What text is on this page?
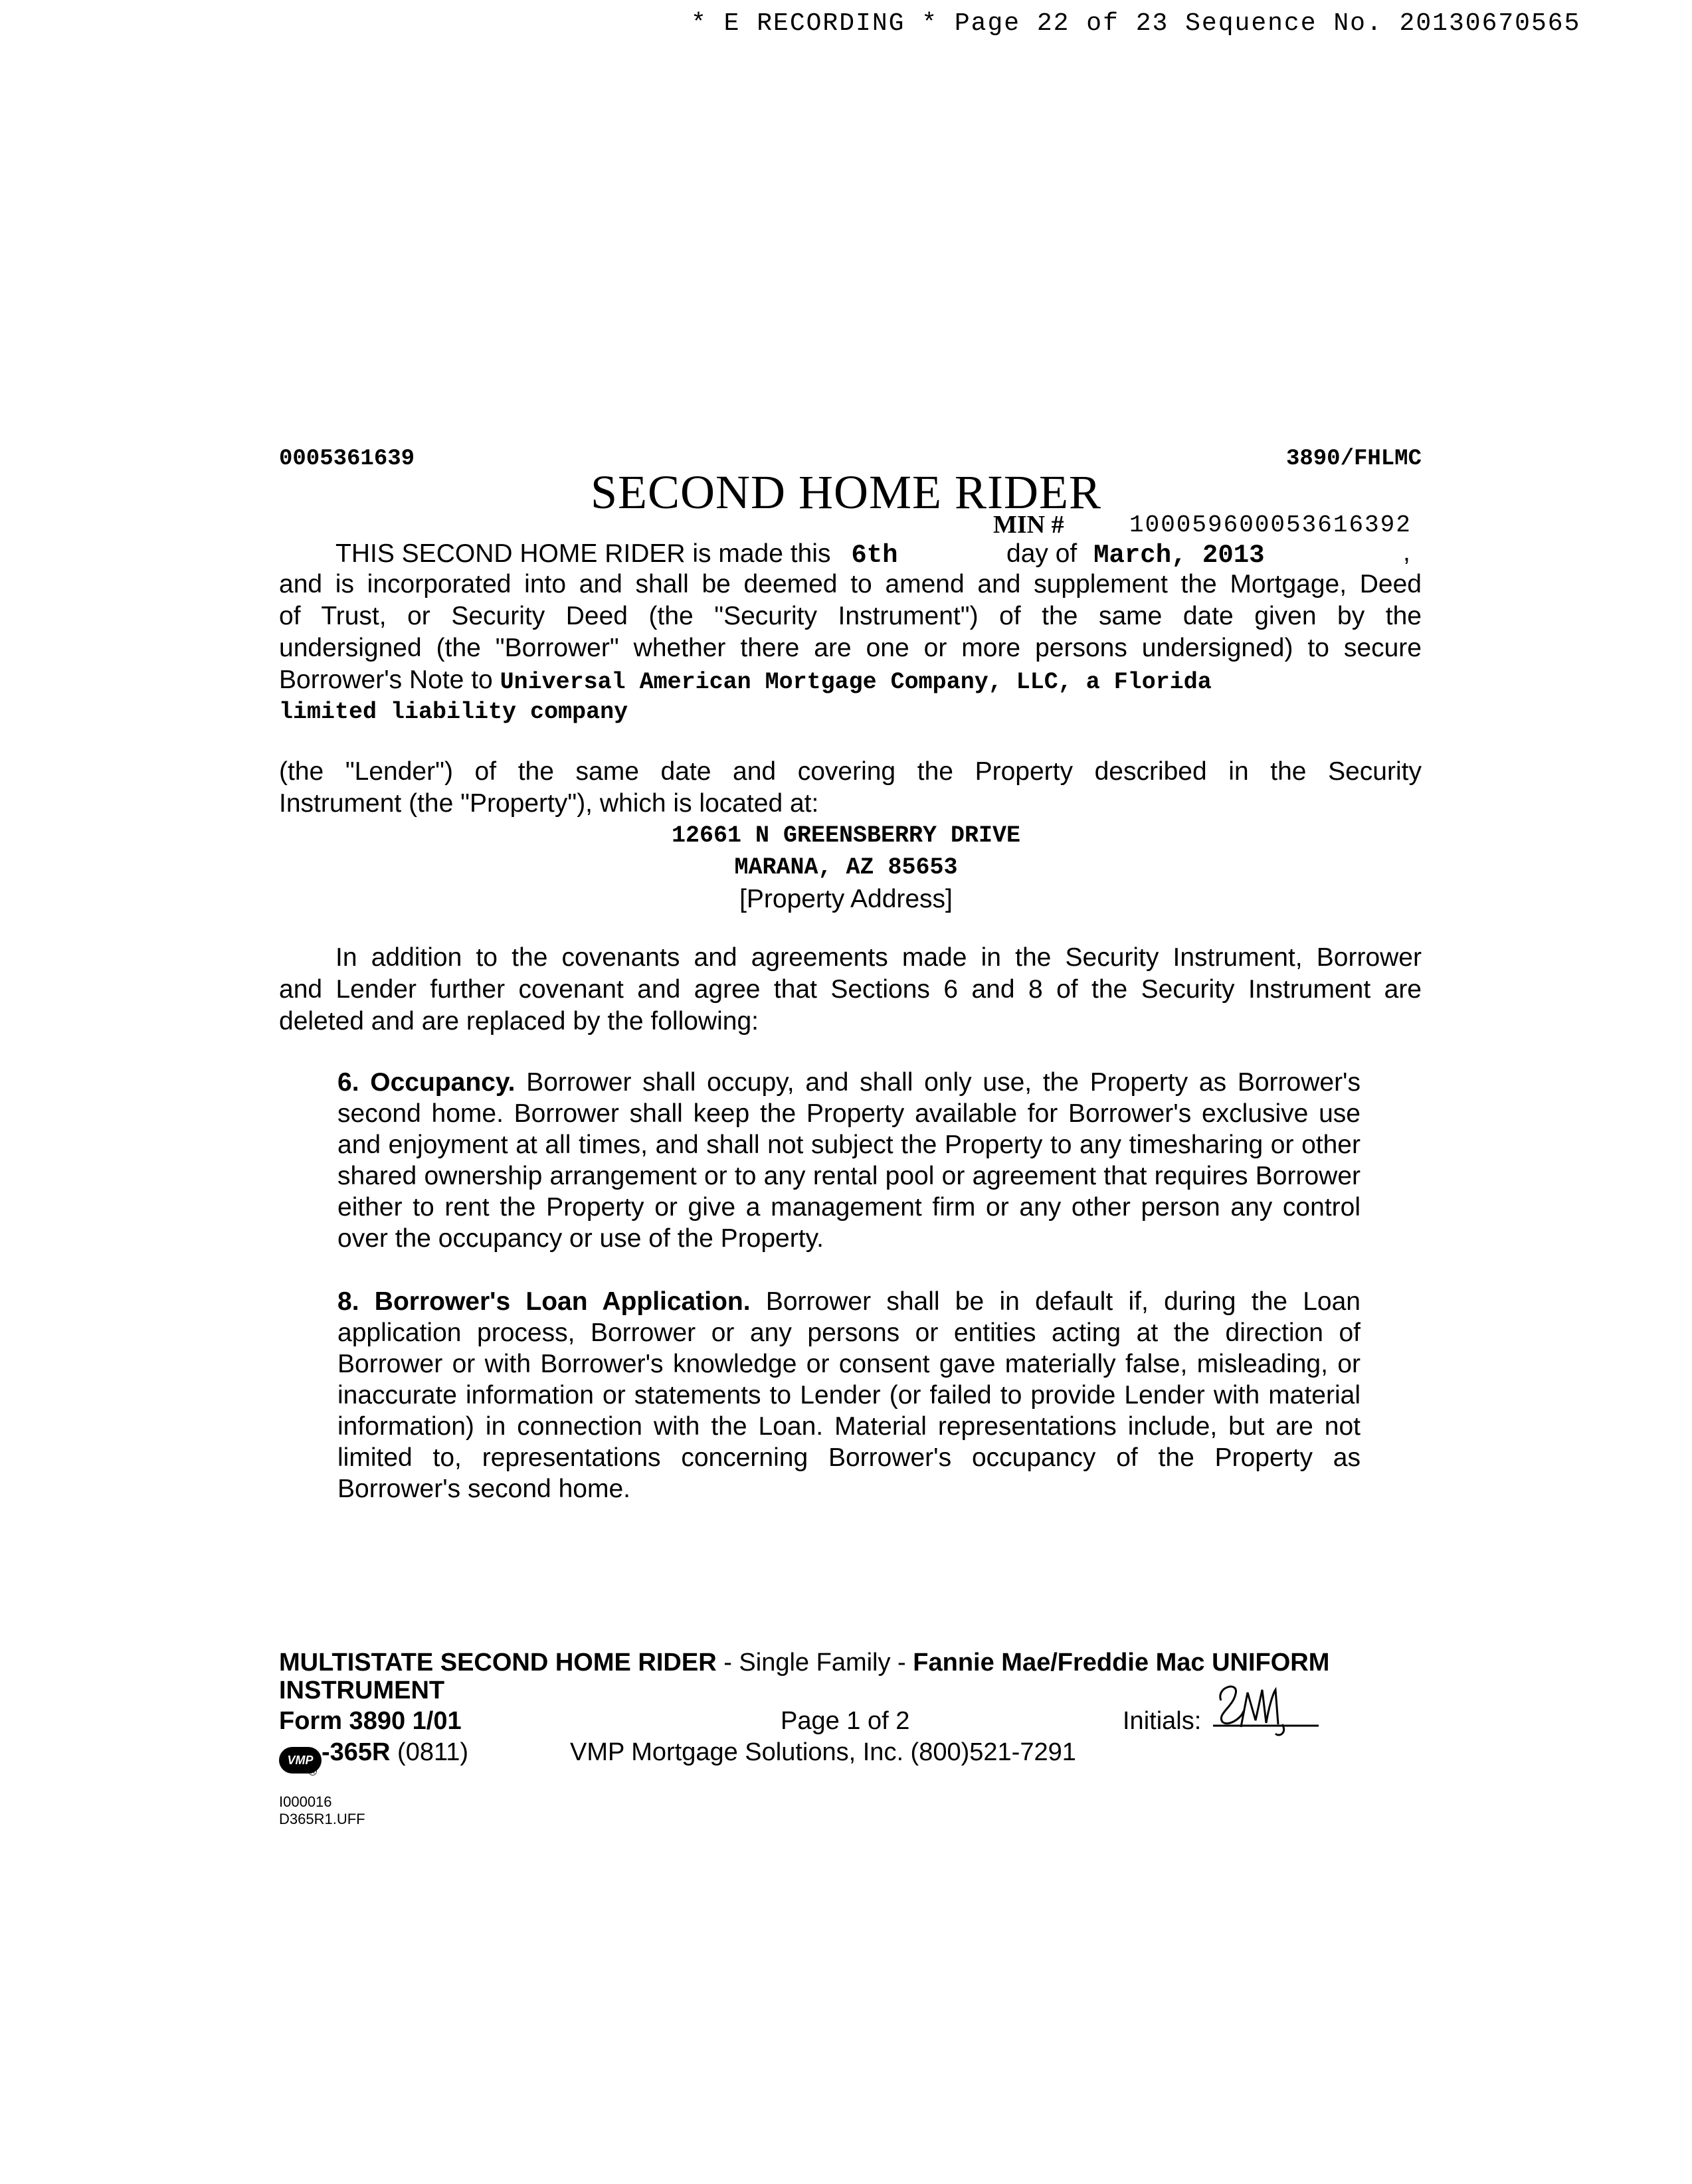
* E RECORDING * Page 22 of 23 Sequence No. 20130670565
0005361639	3890/FHLMC
SECOND HOME RIDER
MIN #	100059600053616392
THIS SECOND HOME RIDER is made this 6th	day of March, 2013	,
and is incorporated into and shall be deemed to amend and supplement the Mortgage, Deed
of Trust, or Security Deed (the "Security Instrument") of the same date given by the
undersigned (the "Borrower" whether there are one or more persons undersigned) to secure
Borrower's Note to Universal American Mortgage Company, LLC, a Florida
limited liability company
(the "Lender") of the same date and covering the Property described in the Security
Instrument (the "Property"), which is located at:
12661 N GREENSBERRY DRIVE
MARANA, AZ 85653
[Property Address]
In addition to the covenants and agreements made in the Security Instrument, Borrower
and Lender further covenant and agree that Sections 6 and 8 of the Security Instrument are
deleted and are replaced by the following:
6. Occupancy. Borrower shall occupy, and shall only use, the Property as Borrower's second home. Borrower shall keep the Property available for Borrower's exclusive use and enjoyment at all times, and shall not subject the Property to any timesharing or other shared ownership arrangement or to any rental pool or agreement that requires Borrower either to rent the Property or give a management firm or any other person any control over the occupancy or use of the Property.
8. Borrower's Loan Application. Borrower shall be in default if, during the Loan application process, Borrower or any persons or entities acting at the direction of Borrower or with Borrower's knowledge or consent gave materially false, misleading, or inaccurate information or statements to Lender (or failed to provide Lender with material information) in connection with the Loan. Material representations include, but are not limited to, representations concerning Borrower's occupancy of the Property as Borrower's second home.
MULTISTATE SECOND HOME RIDER - Single Family - Fannie Mae/Freddie Mac UNIFORM INSTRUMENT
Form 3890 1/01	Page 1 of 2	Initials:
VMP -365R (0811)
®
VMP Mortgage Solutions, Inc. (800)521-7291
I000016
D365R1.UFF
